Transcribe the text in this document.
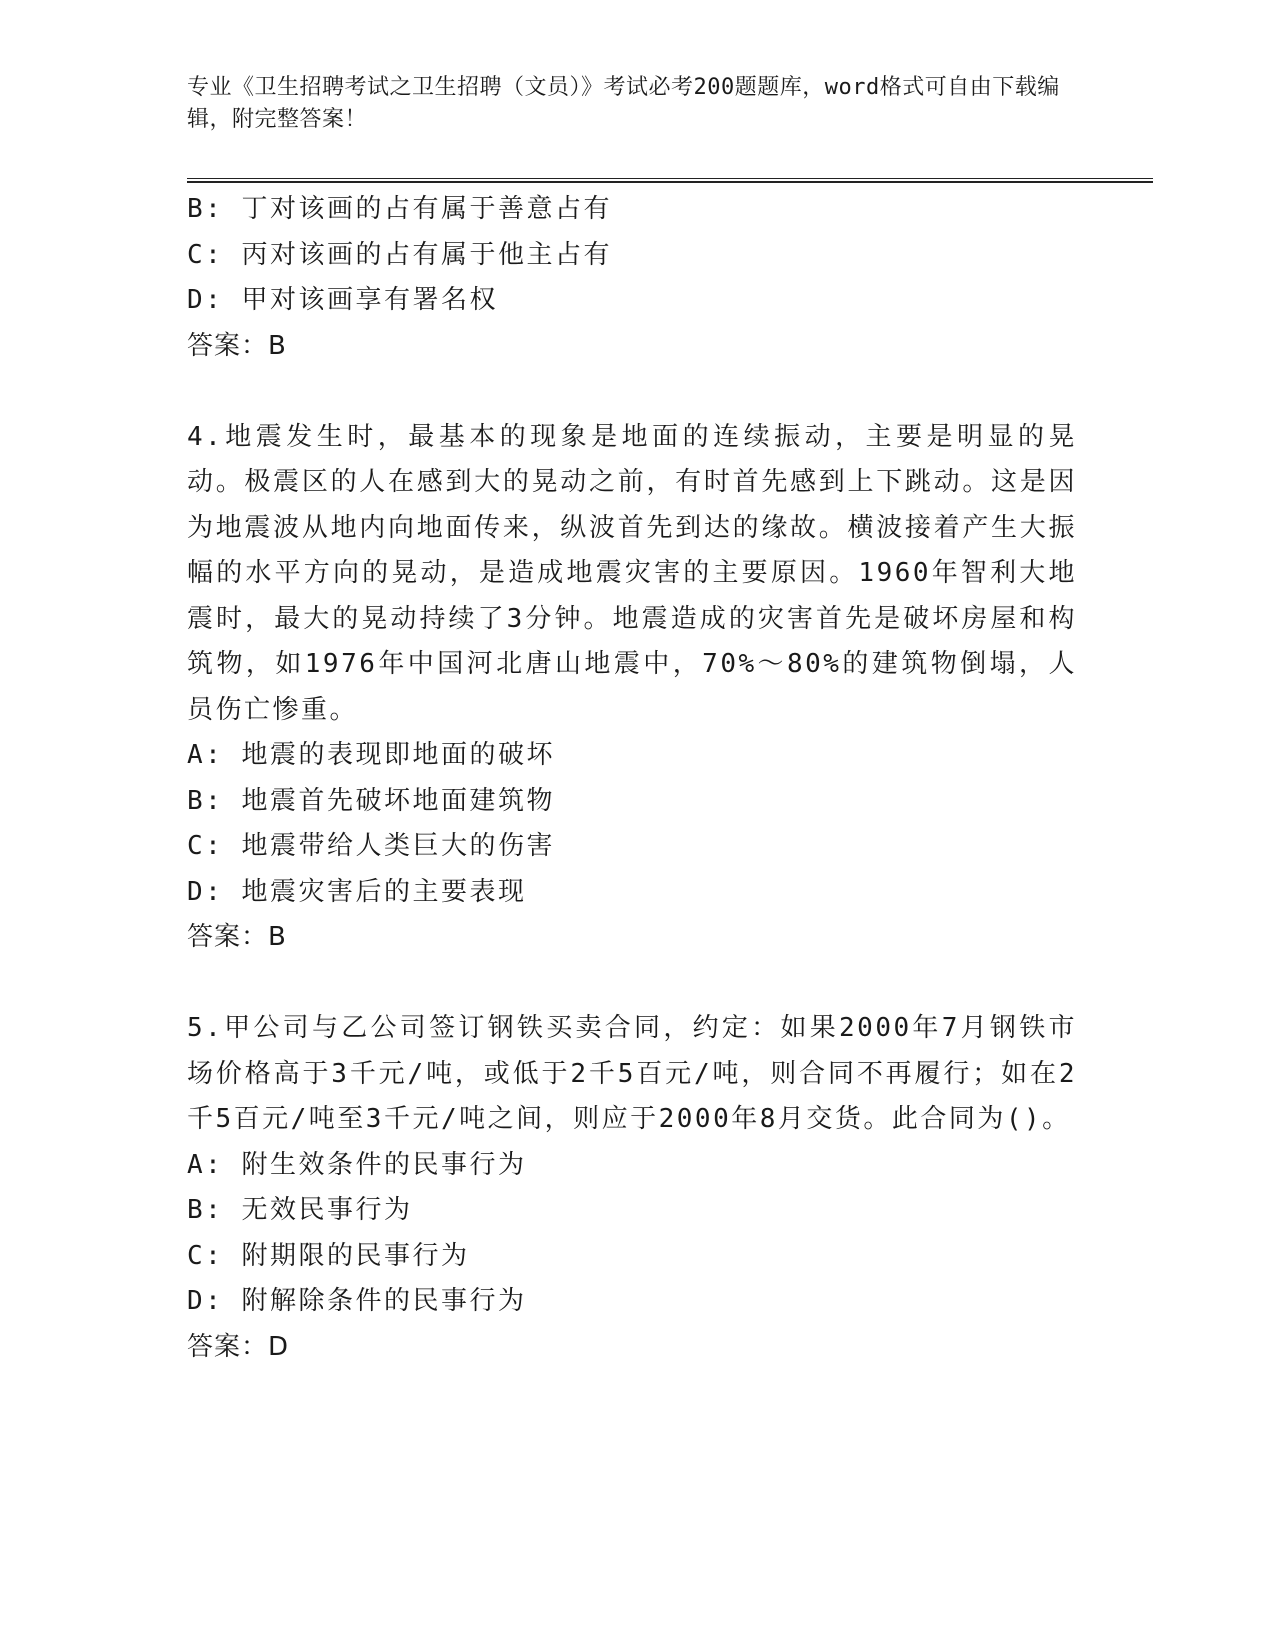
专业《卫生招聘考试之卫生招聘（文员）》考试必考200题题库，word格式可自由下载编辑，附完整答案！

B: 丁对该画的占有属于善意占有

C: 丙对该画的占有属于他主占有

D: 甲对该画享有署名权

答案：B

4.地震发生时，最基本的现象是地面的连续振动，主要是明显的晃动。极震区的人在感到大的晃动之前，有时首先感到上下跳动。这是因为地震波从地内向地面传来，纵波首先到达的缘故。横波接着产生大振幅的水平方向的晃动，是造成地震灾害的主要原因。1960年智利大地震时，最大的晃动持续了3分钟。地震造成的灾害首先是破坏房屋和构筑物，如1976年中国河北唐山地震中，70%～80%的建筑物倒塌，人员伤亡惨重。

A: 地震的表现即地面的破坏

B: 地震首先破坏地面建筑物

C: 地震带给人类巨大的伤害

D: 地震灾害后的主要表现

答案：B

5.甲公司与乙公司签订钢铁买卖合同，约定：如果2000年7月钢铁市场价格高于3千元/吨，或低于2千5百元/吨，则合同不再履行；如在2千5百元/吨至3千元/吨之间，则应于2000年8月交货。此合同为()。

A: 附生效条件的民事行为

B: 无效民事行为

C: 附期限的民事行为

D: 附解除条件的民事行为

答案：D
